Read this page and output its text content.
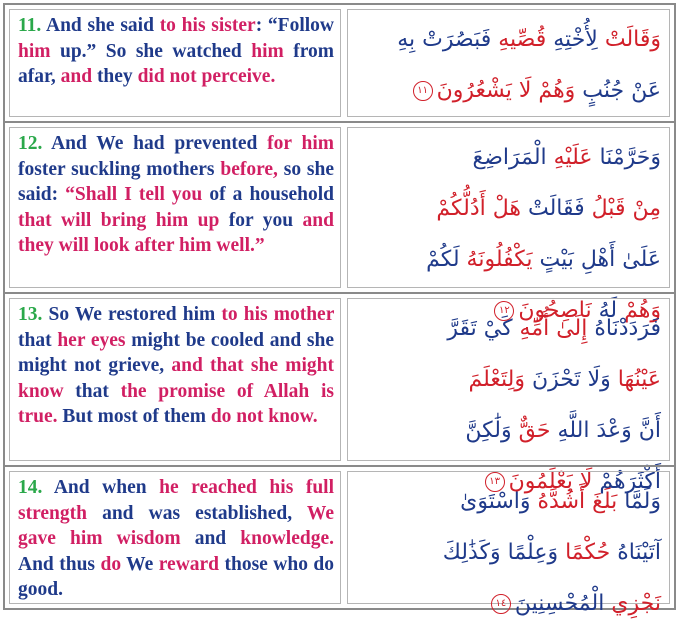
11. And she said to his sister: “Follow him up.” So she watched him from afar, and they did not perceive.
وَقَالَتْ لِأُخْتِهِ قُصِّيهِ فَبَصُرَتْ بِهِ
عَنْ جُنُبٍ وَهُمْ لَا يَشْعُرُونَ١١
12. And We had prevented for him foster suckling mothers before, so she said: “Shall I tell you of a household that will bring him up for you and they will look after him well.”
وَحَرَّمْنَا عَلَيْهِ الْمَرَاضِعَ
مِنْ قَبْلُ فَقَالَتْ هَلْ أَدُلُّكُمْ
عَلَىٰ أَهْلِ بَيْتٍ يَكْفُلُونَهُ لَكُمْ
وَهُمْ لَهُ نَاصِحُونَ١٢
13. So We restored him to his mother that her eyes might be cooled and she might not grieve, and that she might know that the promise of Allah is true. But most of them do not know.
فَرَدَدْنَاهُ إِلَىٰ أُمِّهِ كَيْ تَقَرَّ
عَيْنُهَا وَلَا تَحْزَنَ وَلِتَعْلَمَ
أَنَّ وَعْدَ اللَّهِ حَقٌّ وَلَٰكِنَّ
أَكْثَرَهُمْ لَا يَعْلَمُونَ١٣
14. And when he reached his full strength and was established, We gave him wisdom and knowledge. And thus do We reward those who do good.
وَلَمَّا بَلَغَ أَشُدَّهُ وَاسْتَوَىٰ
آتَيْنَاهُ حُكْمًا وَعِلْمًا وَكَذَٰلِكَ
نَجْزِي الْمُحْسِنِينَ١٤
